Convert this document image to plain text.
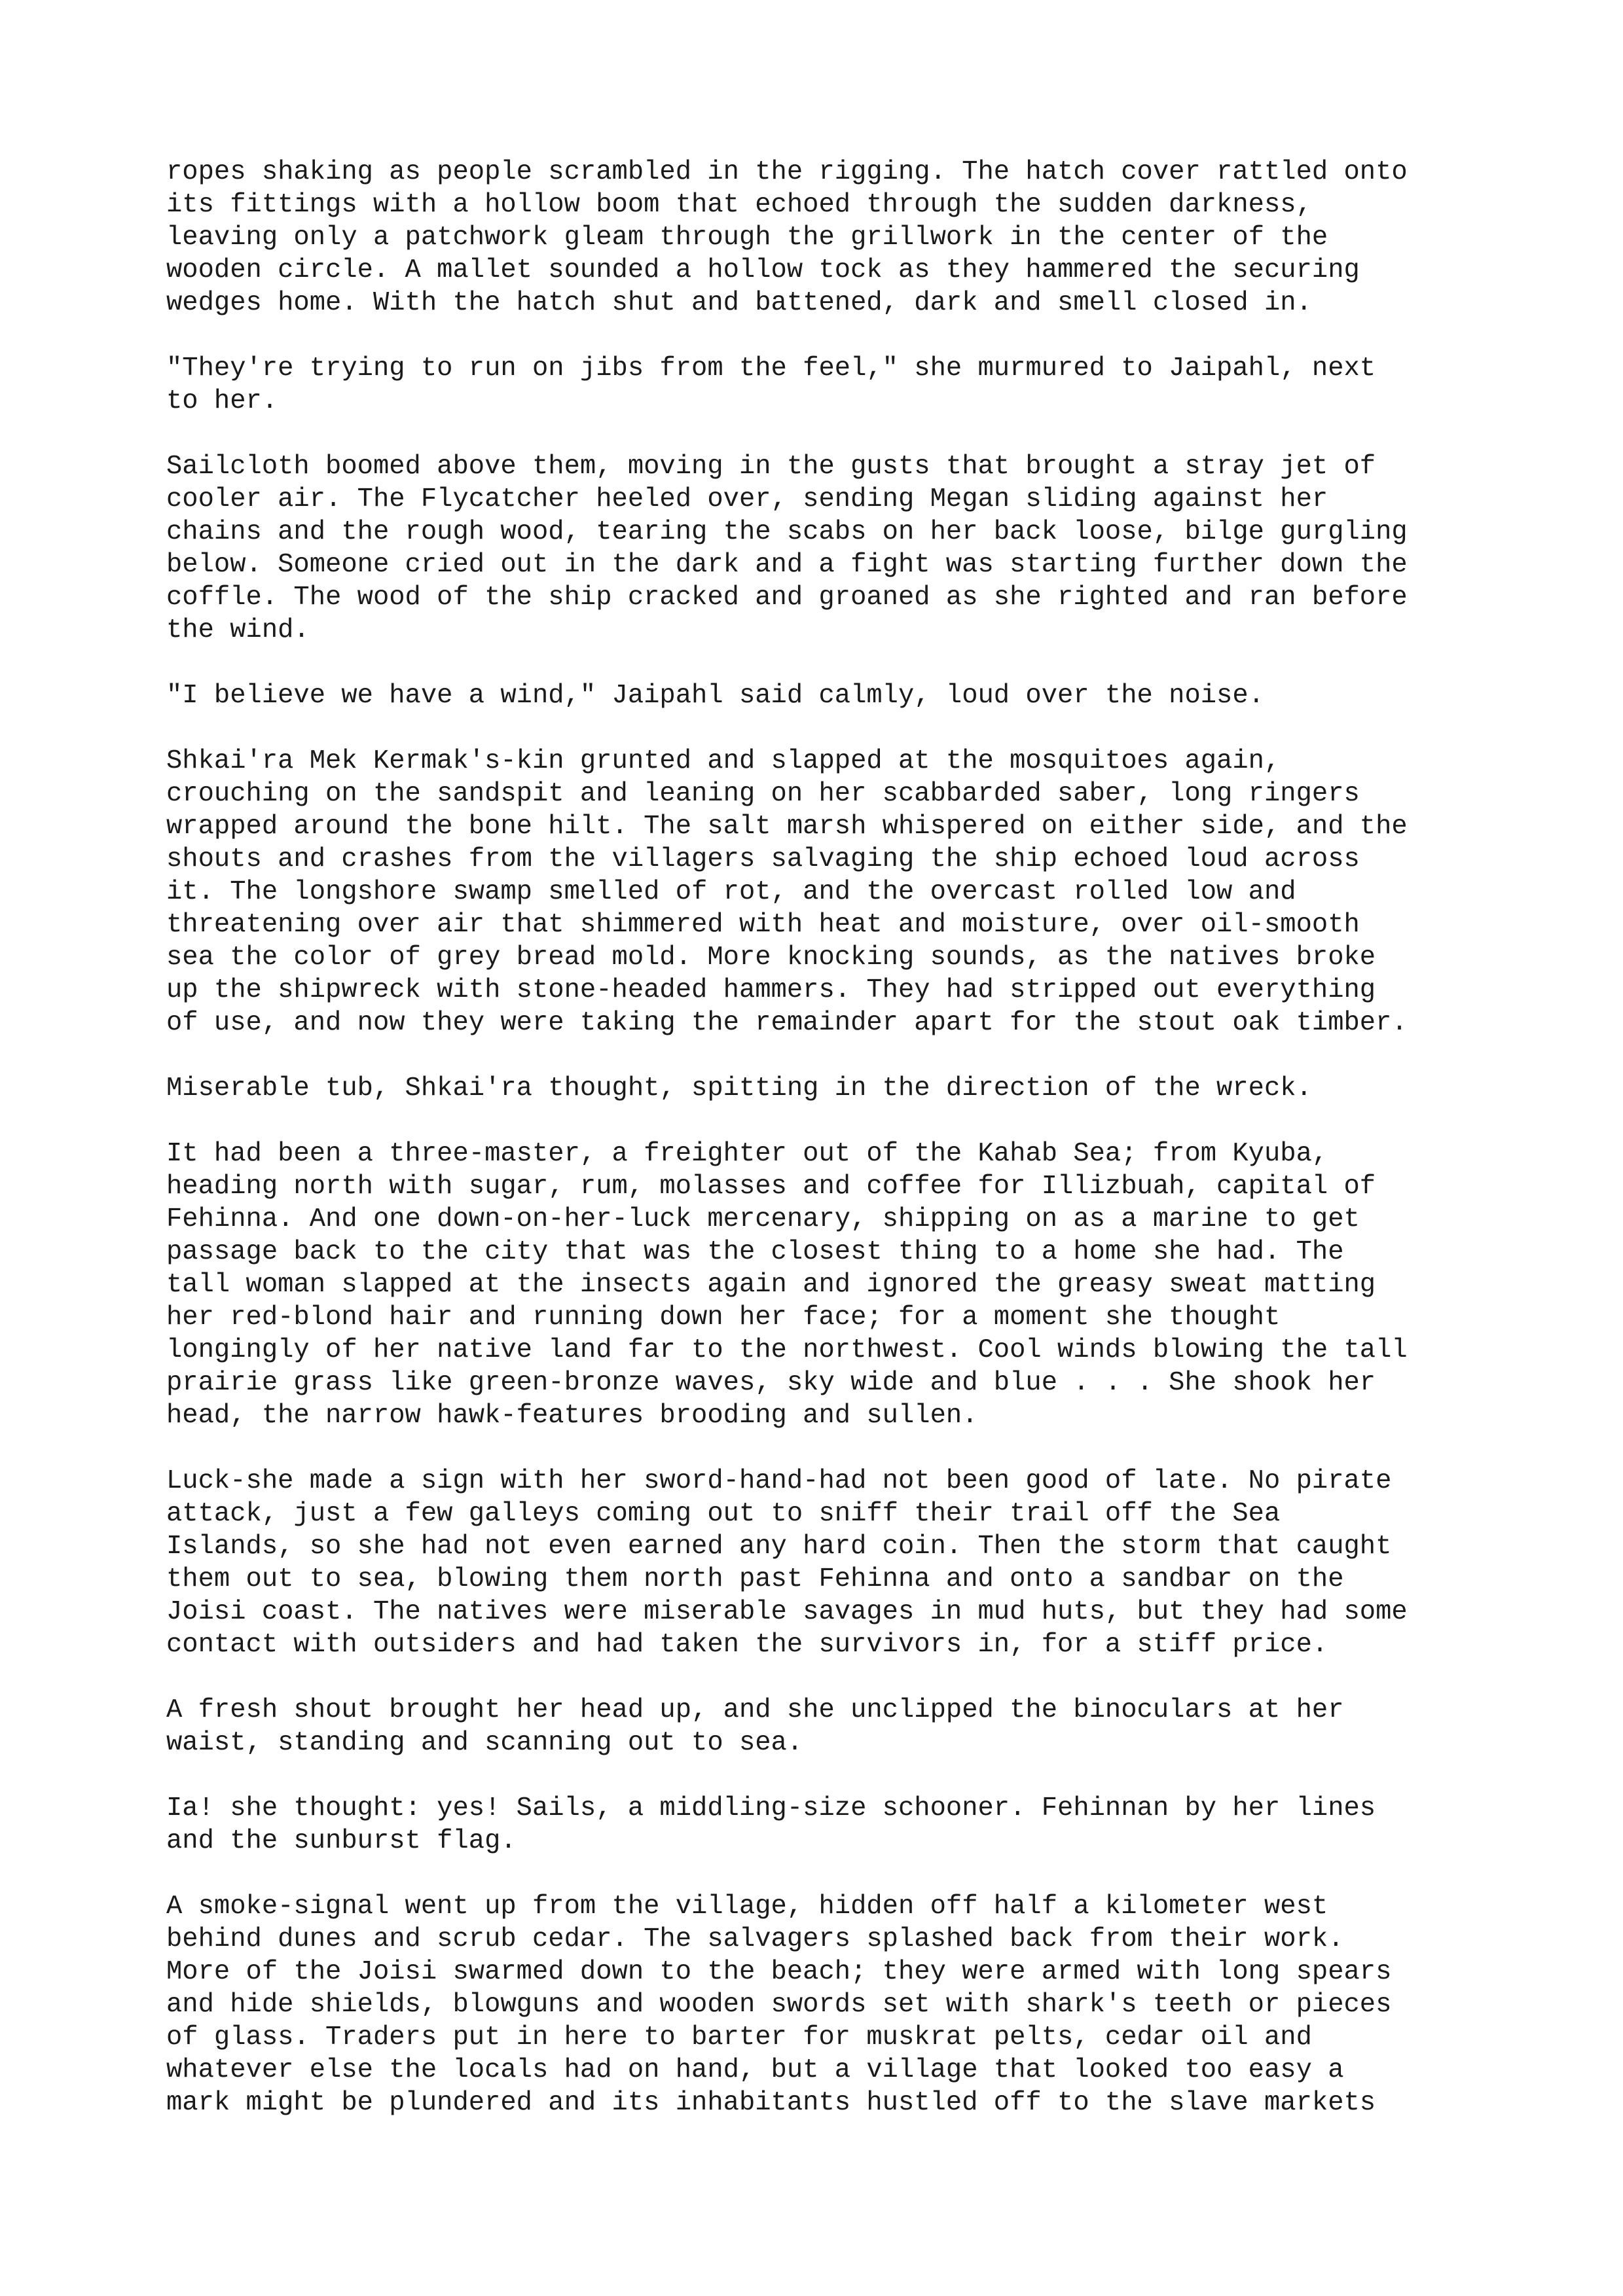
ropes shaking as people scrambled in the rigging. The hatch cover rattled onto
its fittings with a hollow boom that echoed through the sudden darkness,
leaving only a patchwork gleam through the grillwork in the center of the
wooden circle. A mallet sounded a hollow tock as they hammered the securing
wedges home. With the hatch shut and battened, dark and smell closed in.
"They're trying to run on jibs from the feel," she murmured to Jaipahl, next
to her.
Sailcloth boomed above them, moving in the gusts that brought a stray jet of
cooler air. The Flycatcher heeled over, sending Megan sliding against her
chains and the rough wood, tearing the scabs on her back loose, bilge gurgling
below. Someone cried out in the dark and a fight was starting further down the
coffle. The wood of the ship cracked and groaned as she righted and ran before
the wind.
"I believe we have a wind," Jaipahl said calmly, loud over the noise.
Shkai'ra Mek Kermak's-kin grunted and slapped at the mosquitoes again,
crouching on the sandspit and leaning on her scabbarded saber, long ringers
wrapped around the bone hilt. The salt marsh whispered on either side, and the
shouts and crashes from the villagers salvaging the ship echoed loud across
it. The longshore swamp smelled of rot, and the overcast rolled low and
threatening over air that shimmered with heat and moisture, over oil-smooth
sea the color of grey bread mold. More knocking sounds, as the natives broke
up the shipwreck with stone-headed hammers. They had stripped out everything
of use, and now they were taking the remainder apart for the stout oak timber.
Miserable tub, Shkai'ra thought, spitting in the direction of the wreck.
It had been a three-master, a freighter out of the Kahab Sea; from Kyuba,
heading north with sugar, rum, molasses and coffee for Illizbuah, capital of
Fehinna. And one down-on-her-luck mercenary, shipping on as a marine to get
passage back to the city that was the closest thing to a home she had. The
tall woman slapped at the insects again and ignored the greasy sweat matting
her red-blond hair and running down her face; for a moment she thought
longingly of her native land far to the northwest. Cool winds blowing the tall
prairie grass like green-bronze waves, sky wide and blue . . . She shook her
head, the narrow hawk-features brooding and sullen.
Luck-she made a sign with her sword-hand-had not been good of late. No pirate
attack, just a few galleys coming out to sniff their trail off the Sea
Islands, so she had not even earned any hard coin. Then the storm that caught
them out to sea, blowing them north past Fehinna and onto a sandbar on the
Joisi coast. The natives were miserable savages in mud huts, but they had some
contact with outsiders and had taken the survivors in, for a stiff price.
A fresh shout brought her head up, and she unclipped the binoculars at her
waist, standing and scanning out to sea.
Ia! she thought: yes! Sails, a middling-size schooner. Fehinnan by her lines
and the sunburst flag.
A smoke-signal went up from the village, hidden off half a kilometer west
behind dunes and scrub cedar. The salvagers splashed back from their work.
More of the Joisi swarmed down to the beach; they were armed with long spears
and hide shields, blowguns and wooden swords set with shark's teeth or pieces
of glass. Traders put in here to barter for muskrat pelts, cedar oil and
whatever else the locals had on hand, but a village that looked too easy a
mark might be plundered and its inhabitants hustled off to the slave markets
